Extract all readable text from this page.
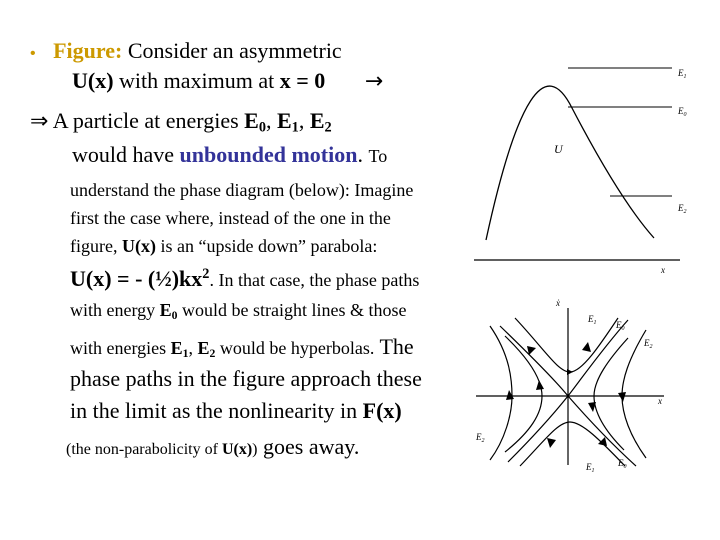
• Figure: Consider an asymmetric
U(x) with maximum at x = 0 →
⇒ A particle at energies $E_0$, $E_1$, $E_2$
would have unbounded motion. To
understand the phase diagram (below): Imagine
first the case where, instead of the one in the
figure, U(x) is an “upside down” parabola:
U(x) = - $(\frac{1}{2})kx^2$. In that case, the phase paths
with energy $E_0$ would be straight lines & those
with energies $E_1$, $E_2$ would be hyperbolas. The
phase paths in the figure approach these
in the limit as the nonlinearity in F(x)
(the non-parabolicity of U(x)) goes away.
U
x
$E_1$
$E_0$
$E_2$
ẋ
x
$E_1$ $E_0$
$E_2$
$E_2$
$E_1$
$E_0$
